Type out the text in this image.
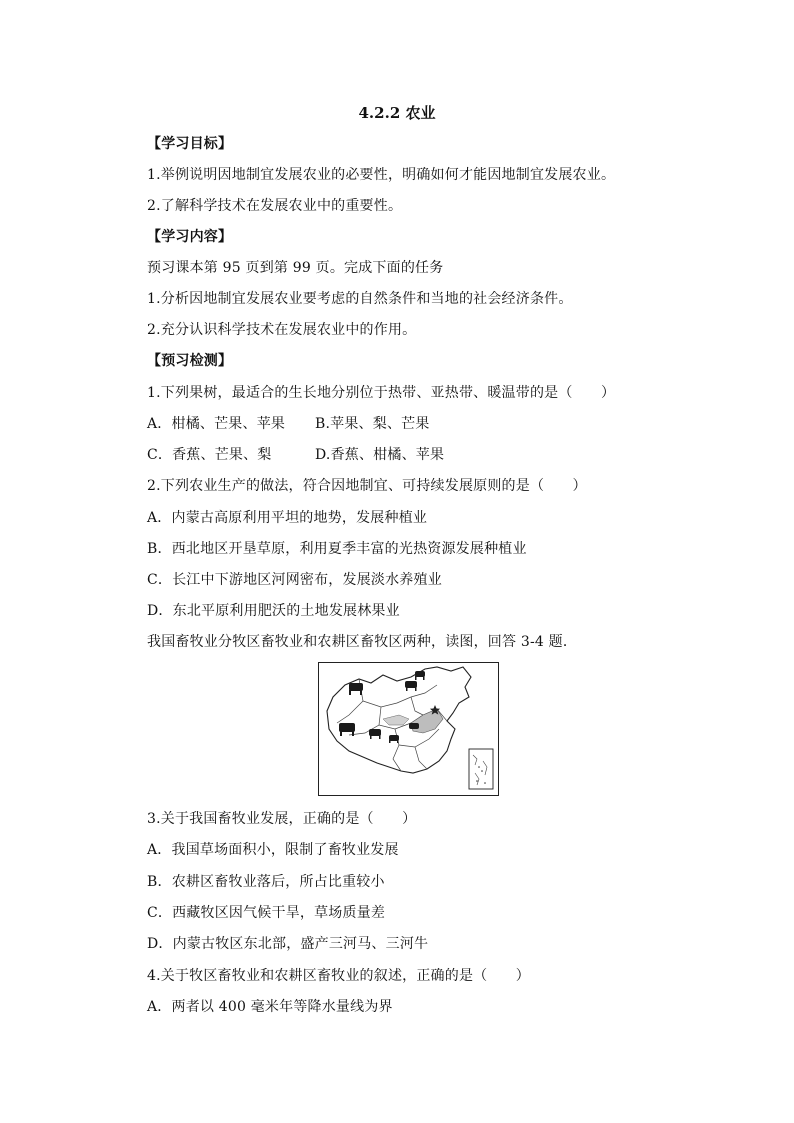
4.2.2 农业
【学习目标】
1.举例说明因地制宜发展农业的必要性，明确如何才能因地制宜发展农业。
2.了解科学技术在发展农业中的重要性。
【学习内容】
预习课本第 95 页到第 99 页。完成下面的任务
1.分析因地制宜发展农业要考虑的自然条件和当地的社会经济条件。
2.充分认识科学技术在发展农业中的作用。
【预习检测】
1.下列果树，最适合的生长地分别位于热带、亚热带、暖温带的是（　　）
A．柑橘、芒果、苹果 B.苹果、梨、芒果
C．香蕉、芒果、梨	D.香蕉、柑橘、苹果
2.下列农业生产的做法，符合因地制宜、可持续发展原则的是（　　）
A．内蒙古高原利用平坦的地势，发展种植业
B．西北地区开垦草原，利用夏季丰富的光热资源发展种植业
C．长江中下游地区河网密布，发展淡水养殖业
D．东北平原利用肥沃的土地发展林果业
我国畜牧业分牧区畜牧业和农耕区畜牧区两种，读图，回答 3-4 题．
3.关于我国畜牧业发展，正确的是（　　）
A．我国草场面积小，限制了畜牧业发展
B．农耕区畜牧业落后，所占比重较小
C．西藏牧区因气候干旱，草场质量差
D．内蒙古牧区东北部，盛产三河马、三河牛
4.关于牧区畜牧业和农耕区畜牧业的叙述，正确的是（　　）
A．两者以 400 毫米年等降水量线为界
